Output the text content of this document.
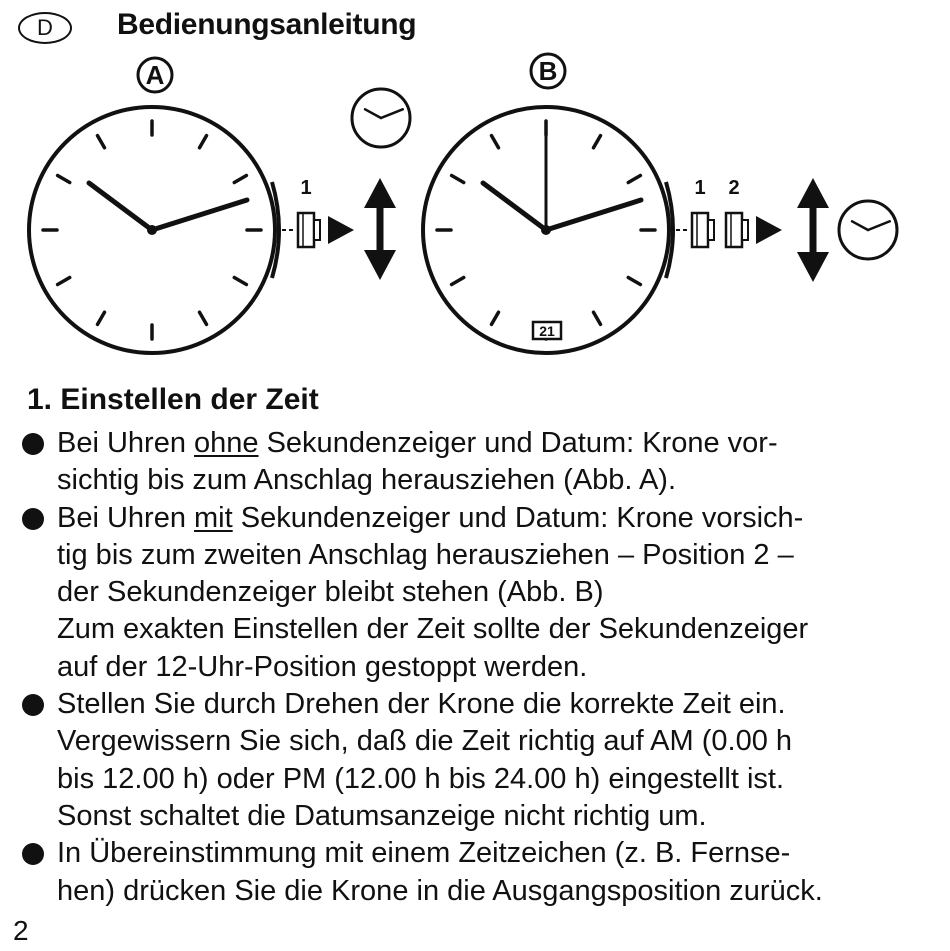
D	Bedienungsanleitung
A
1
B
21
1 2
1. Einstellen der Zeit
Bei Uhren ohne Sekundenzeiger und Datum: Krone vor-
sichtig bis zum Anschlag herausziehen (Abb. A).
Bei Uhren mit Sekundenzeiger und Datum: Krone vorsich-
tig bis zum zweiten Anschlag herausziehen – Position 2 –
der Sekundenzeiger bleibt stehen (Abb. B)
Zum exakten Einstellen der Zeit sollte der Sekundenzeiger
auf der 12-Uhr-Position gestoppt werden.
Stellen Sie durch Drehen der Krone die korrekte Zeit ein.
Vergewissern Sie sich, daß die Zeit richtig auf AM (0.00 h
bis 12.00 h) oder PM (12.00 h bis 24.00 h) eingestellt ist.
Sonst schaltet die Datumsanzeige nicht richtig um.
In Übereinstimmung mit einem Zeitzeichen (z. B. Fernse-
hen) drücken Sie die Krone in die Ausgangsposition zurück.
2
